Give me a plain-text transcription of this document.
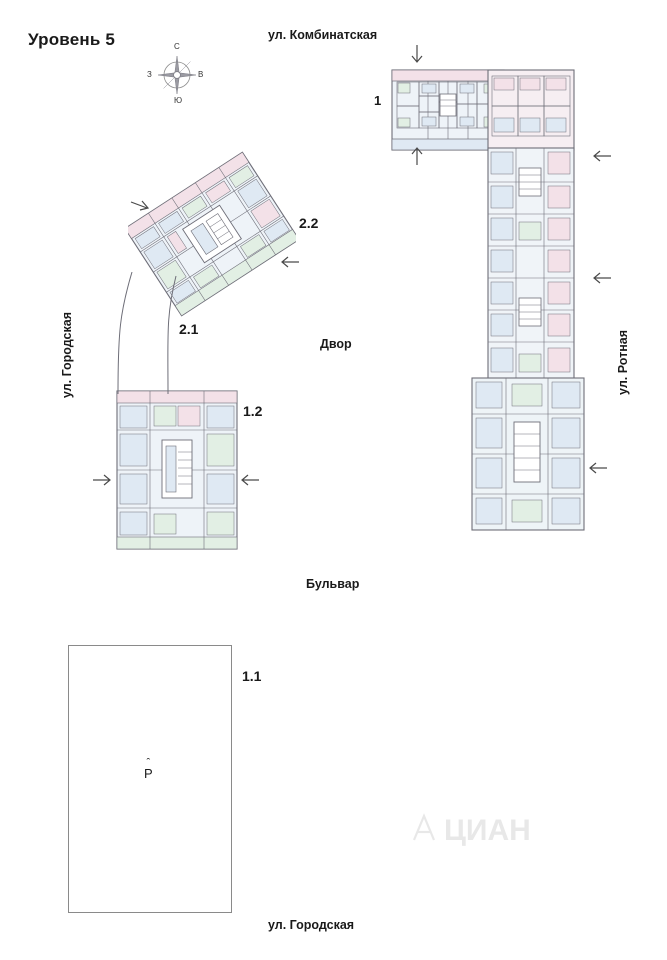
Уровень 5	С
Ю
В
З
ул. Комбинатская
ул. Городская	ул. Ротная
Бульвар
ул. Городская
Двор
1
2.2
2.1
1.2
1.1
ˆ
Р
ЦИАН
